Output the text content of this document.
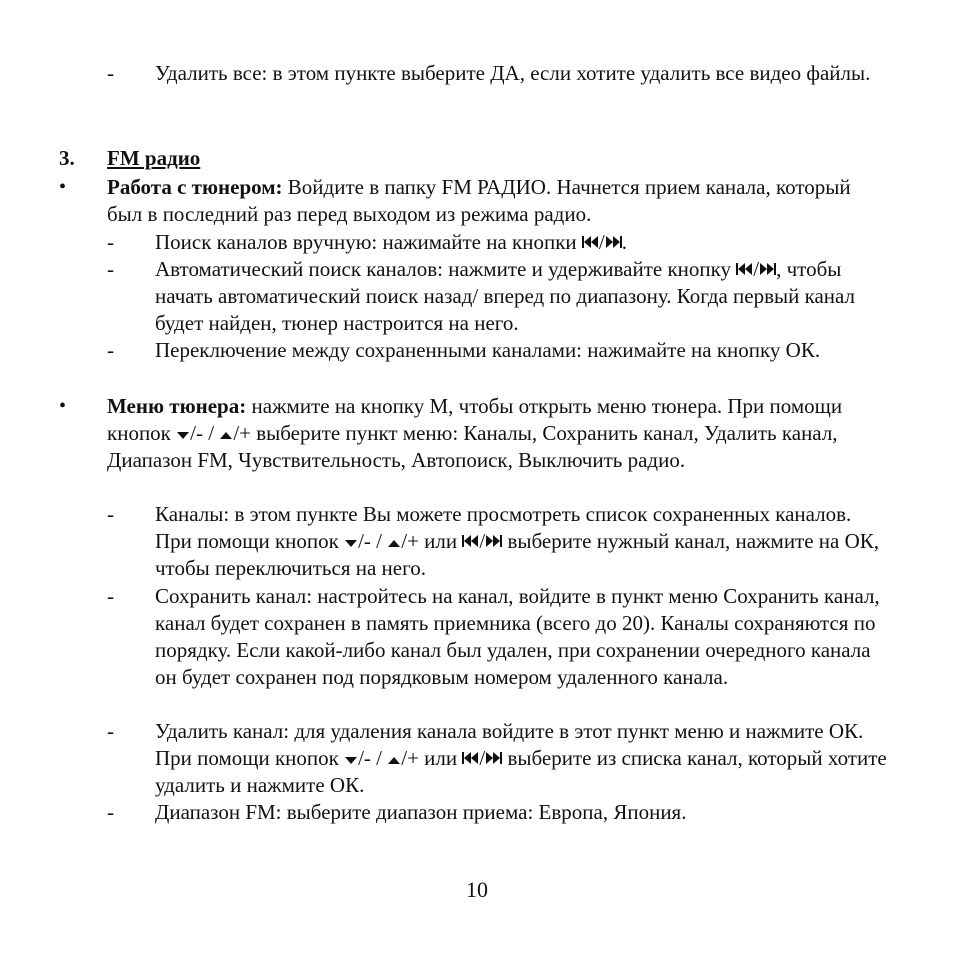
- Удалить все: в этом пункте выберите ДА, если хотите удалить все видео файлы.
3. FM радио
• Работа с тюнером: Войдите в папку FM РАДИО. Начнется прием канала, который был в последний раз перед выходом из режима радио.
- Поиск каналов вручную: нажимайте на кнопки
/ .
- Автоматический поиск каналов: нажмите и удерживайте кнопку
/ , чтобы начать автоматический поиск назад/ вперед по диапазону. Когда первый канал будет найден, тюнер настроится на него.
- Переключение между сохраненными каналами: нажимайте на кнопку ОК.
• Меню тюнера: нажмите на кнопку М, чтобы открыть меню тюнера. При помощи кнопок
/- /
/+ выберите пункт меню: Каналы, Сохранить канал, Удалить канал, Диапазон FM, Чувствительность, Автопоиск, Выключить радио.
- Каналы: в этом пункте Вы можете просмотреть список сохраненных каналов. При помощи кнопок
/- /
/+ или
/
выберите нужный канал, нажмите на ОК, чтобы переключиться на него.
- Сохранить канал: настройтесь на канал, войдите в пункт меню Сохранить канал, канал будет сохранен в память приемника (всего до 20). Каналы сохраняются по порядку. Если какой-либо канал был удален, при сохранении очередного канала он будет сохранен под порядковым номером удаленного канала.
- Удалить канал: для удаления канала войдите в этот пункт меню и нажмите ОК. При помощи кнопок
/- /
/+ или
/
выберите из списка канал, который хотите удалить и нажмите ОК.
- Диапазон FM: выберите диапазон приема: Европа, Япония.
10
